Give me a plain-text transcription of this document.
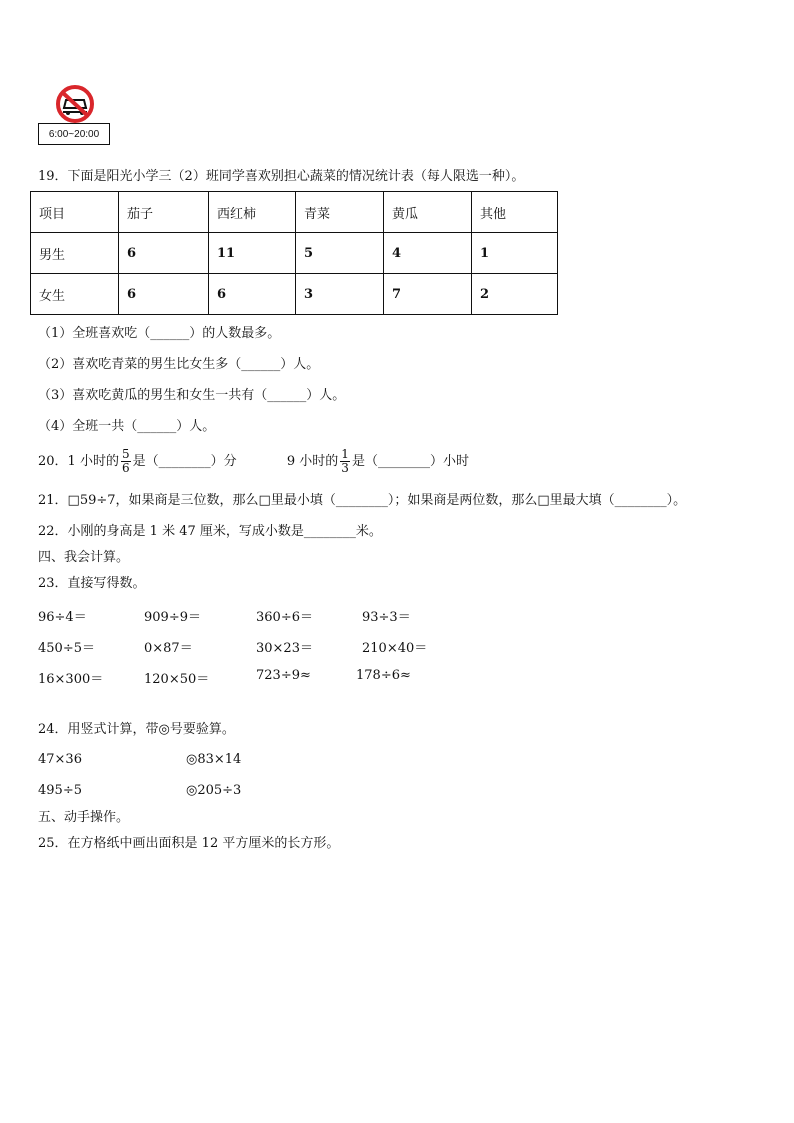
6:00~20:00
19．下面是阳光小学三（2）班同学喜欢别担心蔬菜的情况统计表（每人限选一种）。
项目	茄子	西红柿	青菜	黄瓜	其他
男生	6	11	5	4	1
女生	6	6	3	7	2
（1）全班喜欢吃（______）的人数最多。
（2）喜欢吃青菜的男生比女生多（______）人。
（3）喜欢吃黄瓜的男生和女生一共有（______）人。
（4）全班一共（______）人。
20．1 小时的 $\frac{5}{6}$ 是（________）分	9 小时的 $\frac{1}{3}$ 是（________）小时
21．□59÷7，如果商是三位数，那么□里最小填（________）；如果商是两位数，那么□里最大填（________）。
22．小刚的身高是 1 米 47 厘米，写成小数是________米。
四、我会计算。
23．直接写得数。
96÷4＝	909÷9＝	360÷6＝	93÷3＝
450÷5＝	0×87＝	30×23＝	210×40＝
16×300＝	120×50＝	723÷9≈	178÷6≈
24．用竖式计算，带◎号要验算。
47×36	◎83×14
495÷5	◎205÷3
五、动手操作。
25．在方格纸中画出面积是 12 平方厘米的长方形。
